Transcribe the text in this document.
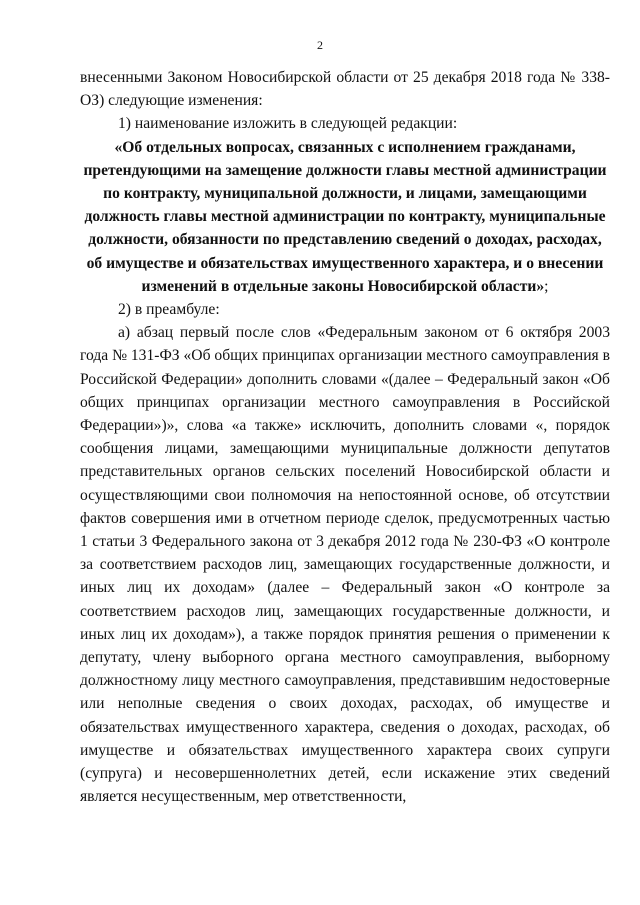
2

внесенными Законом Новосибирской области от 25 декабря 2018 года № 338-ОЗ) следующие изменения:

1) наименование изложить в следующей редакции:

«Об отдельных вопросах, связанных с исполнением гражданами, претендующими на замещение должности главы местной администрации по контракту, муниципальной должности, и лицами, замещающими должность главы местной администрации по контракту, муниципальные должности, обязанности по представлению сведений о доходах, расходах, об имуществе и обязательствах имущественного характера, и о внесении изменений в отдельные законы Новосибирской области»;

2) в преамбуле:

а) абзац первый после слов «Федеральным законом от 6 октября 2003 года № 131-ФЗ «Об общих принципах организации местного самоуправления в Российской Федерации» дополнить словами «(далее – Федеральный закон «Об общих принципах организации местного самоуправления в Российской Федерации»)», слова «а также» исключить, дополнить словами «, порядок сообщения лицами, замещающими муниципальные должности депутатов представительных органов сельских поселений Новосибирской области и осуществляющими свои полномочия на непостоянной основе, об отсутствии фактов совершения ими в отчетном периоде сделок, предусмотренных частью 1 статьи 3 Федерального закона от 3 декабря 2012 года № 230-ФЗ «О контроле за соответствием расходов лиц, замещающих государственные должности, и иных лиц их доходам» (далее – Федеральный закон «О контроле за соответствием расходов лиц, замещающих государственные должности, и иных лиц их доходам»), а также порядок принятия решения о применении к депутату, члену выборного органа местного самоуправления, выборному должностному лицу местного самоуправления, представившим недостоверные или неполные сведения о своих доходах, расходах, об имуществе и обязательствах имущественного характера, сведения о доходах, расходах, об имуществе и обязательствах имущественного характера своих супруги (супруга) и несовершеннолетних детей, если искажение этих сведений является несущественным, мер ответственности,
